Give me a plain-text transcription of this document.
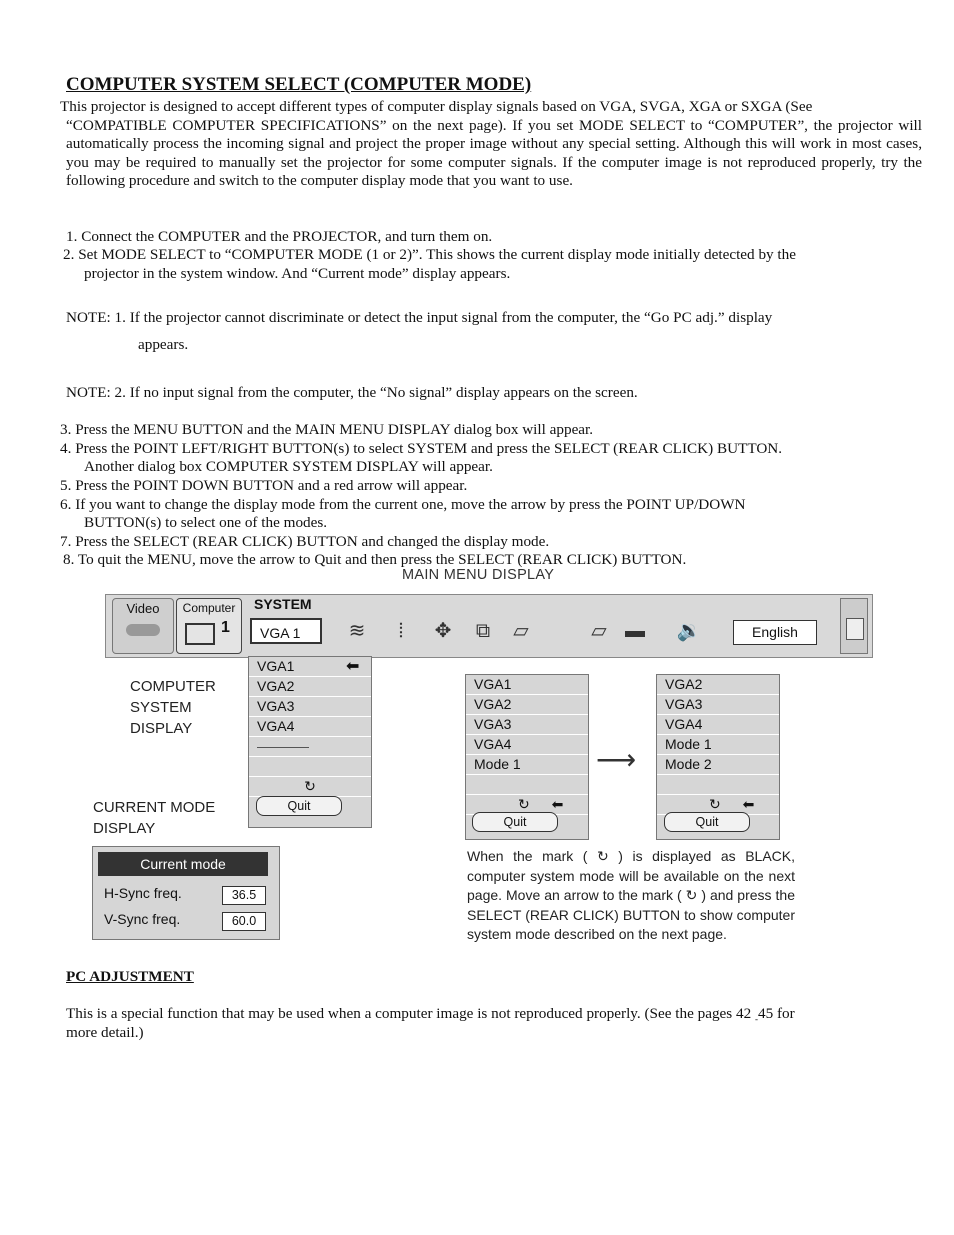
COMPUTER SYSTEM SELECT (COMPUTER MODE)
This projector is designed to accept different types of computer display signals based on VGA, SVGA, XGA or SXGA (See
“COMPATIBLE COMPUTER SPECIFICATIONS” on the next page). If you set MODE SELECT to “COMPUTER”, the projector will automatically process the incoming signal and project the proper image without any special setting. Although this will work in most cases, you may be required to manually set the projector for some computer signals. If the computer image is not reproduced properly, try the following procedure and switch to the computer display mode that you want to use.
1. Connect the COMPUTER and the PROJECTOR, and turn them on.
2. Set MODE SELECT to “COMPUTER MODE (1 or 2)”. This shows the current display mode initially detected by the
projector in the system window. And “Current mode” display appears.
NOTE: 1. If the projector cannot discriminate or detect the input signal from the computer, the “Go PC adj.” display
appears.
NOTE: 2. If no input signal from the computer, the “No signal” display appears on the screen.
3. Press the MENU BUTTON and the MAIN MENU DISPLAY dialog box will appear.
4. Press the POINT LEFT/RIGHT BUTTON(s) to select SYSTEM and press the SELECT (REAR CLICK) BUTTON.
Another dialog box COMPUTER SYSTEM DISPLAY will appear.
5. Press the POINT DOWN BUTTON and a red arrow will appear.
6. If you want to change the display mode from the current one, move the arrow by press the POINT UP/DOWN
BUTTON(s) to select one of the modes.
7. Press the SELECT (REAR CLICK) BUTTON and changed the display mode.
8. To quit the MENU, move the arrow to Quit and then press the SELECT (REAR CLICK) BUTTON.
MAIN MENU DISPLAY
Video	Computer
1
SYSTEM
VGA 1	≋	⦙	✥ ⧉ ▱	▱ ▬ 🔉	English
COMPUTER
SYSTEM
DISPLAY
CURRENT MODE
DISPLAY
VGA1
VGA2
VGA3
VGA4
↻
⬅
Quit
Current mode
H-Sync freq.	36.5
V-Sync freq.	60.0
VGA1
VGA2
VGA3
VGA4
Mode 1
↻ ⬅
Quit
⟶
VGA2
VGA3
VGA4
Mode 1
Mode 2
↻ ⬅
Quit
When the mark ( ↻ ) is displayed as BLACK, computer system mode will be available on the next page. Move an arrow to the mark ( ↻ ) and press the SELECT (REAR CLICK) BUTTON to show computer system mode described on the next page.
PC ADJUSTMENT
This is a special function that may be used when a computer image is not reproduced properly. (See the pages 42 $_-$45 for
more detail.)
